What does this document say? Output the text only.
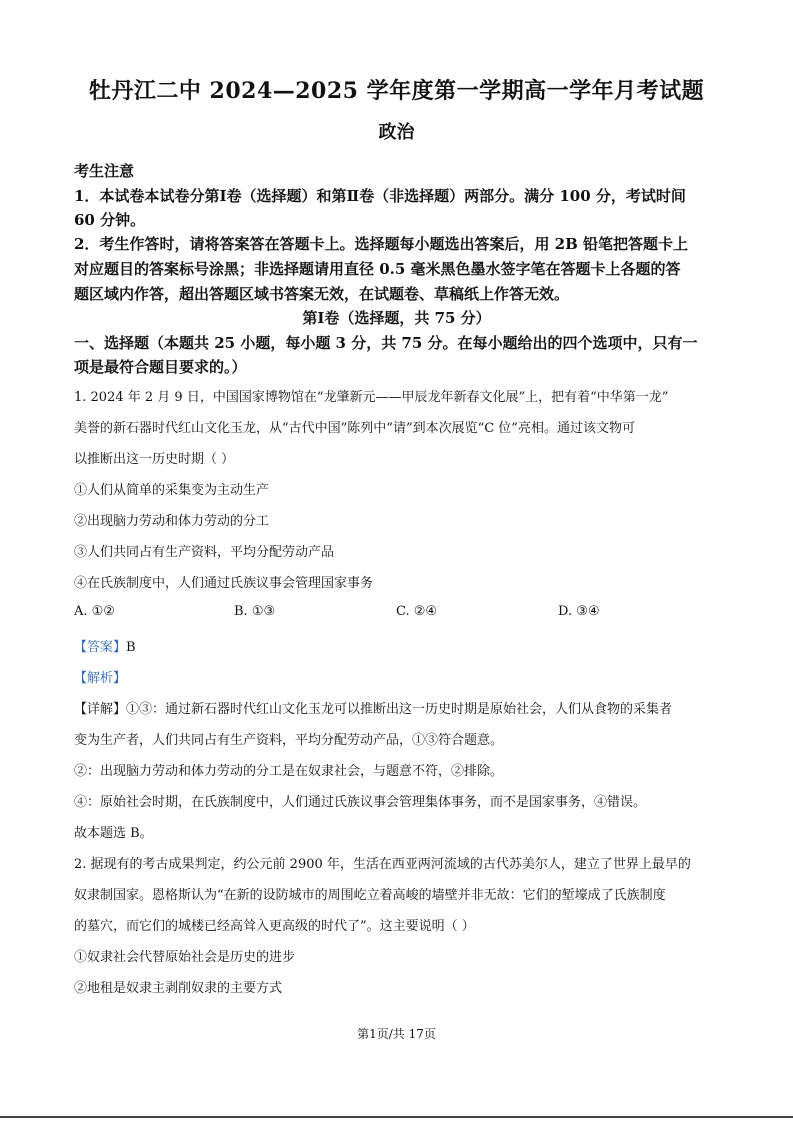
牡丹江二中 2024—2025 学年度第一学期高一学年月考试题
政治
考生注意
1．本试卷本试卷分第Ⅰ卷（选择题）和第Ⅱ卷（非选择题）两部分。满分 100 分，考试时间
60 分钟。
2．考生作答时，请将答案答在答题卡上。选择题每小题选出答案后，用 2B 铅笔把答题卡上
对应题目的答案标号涂黑；非选择题请用直径 0.5 毫米黑色墨水签字笔在答题卡上各题的答
题区域内作答，超出答题区域书答案无效，在试题卷、草稿纸上作答无效。
第Ⅰ卷（选择题，共 75 分）
一、选择题（本题共 25 小题，每小题 3 分，共 75 分。在每小题给出的四个选项中，只有一
项是最符合题目要求的。）
1. 2024 年 2 月 9 日，中国国家博物馆在“龙肇新元——甲辰龙年新春文化展”上，把有着“中华第一龙”
美誉的新石器时代红山文化玉龙，从“古代中国”陈列中“请”到本次展览“C 位”亮相。通过该文物可
以推断出这一历史时期（ ）
①人们从简单的采集变为主动生产
②出现脑力劳动和体力劳动的分工
③人们共同占有生产资料，平均分配劳动产品
④在氏族制度中，人们通过氏族议事会管理国家事务
A. ①②	B. ①③	C. ②④	D. ③④
【答案】B
【解析】
【详解】①③：通过新石器时代红山文化玉龙可以推断出这一历史时期是原始社会，人们从食物的采集者
变为生产者，人们共同占有生产资料，平均分配劳动产品，①③符合题意。
②：出现脑力劳动和体力劳动的分工是在奴隶社会，与题意不符，②排除。
④：原始社会时期，在氏族制度中，人们通过氏族议事会管理集体事务，而不是国家事务，④错误。
故本题选 B。
2. 据现有的考古成果判定，约公元前 2900 年，生活在西亚两河流域的古代苏美尔人，建立了世界上最早的
奴隶制国家。恩格斯认为“在新的设防城市的周围屹立着高峻的墙壁并非无故：它们的堑壕成了氏族制度
的墓穴，而它们的城楼已经高耸入更高级的时代了”。这主要说明（ ）
①奴隶社会代替原始社会是历史的进步
②地租是奴隶主剥削奴隶的主要方式
第1页/共 17页
